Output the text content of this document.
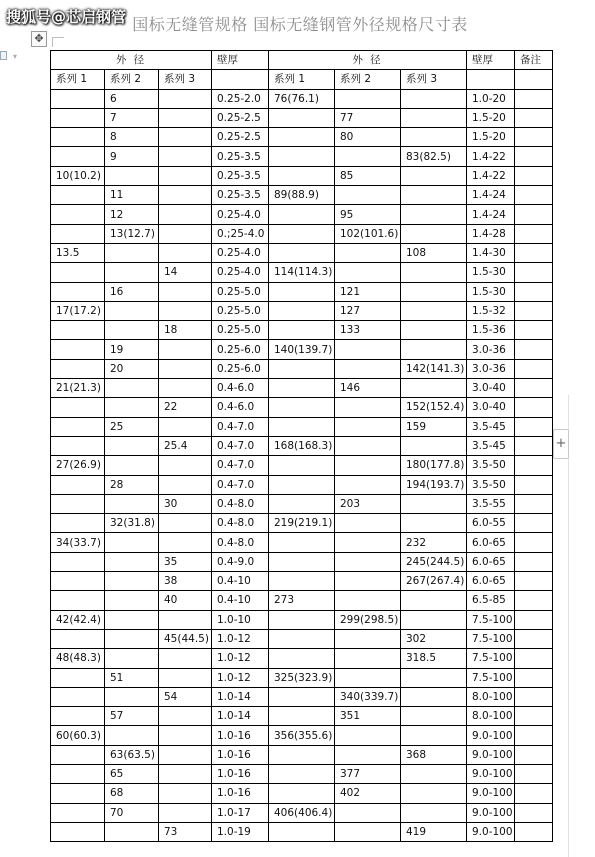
国标无缝管规格 国标无缝钢管外径规格尺寸表
搜狐号@芯启钢管
▾
✥
+
外 径			壁厚	外 径			壁厚	备注
系列 1	系列 2	系列 3		系列 1	系列 2	系列 3		
	6		0.25-2.0	76(76.1)			1.0-20	
	7		0.25-2.5		77		1.5-20	
	8		0.25-2.5		80		1.5-20	
	9		0.25-3.5			83(82.5)	1.4-22	
10(10.2)			0.25-3.5		85		1.4-22	
	11		0.25-3.5	89(88.9)			1.4-24	
	12		0.25-4.0		95		1.4-24	
	13(12.7)		0.;25-4.0		102(101.6)		1.4-28	
13.5			0.25-4.0			108	1.4-30	
		14	0.25-4.0	114(114.3)			1.5-30	
	16		0.25-5.0		121		1.5-30	
17(17.2)			0.25-5.0		127		1.5-32	
		18	0.25-5.0		133		1.5-36	
	19		0.25-6.0	140(139.7)			3.0-36	
	20		0.25-6.0			142(141.3)	3.0-36	
21(21.3)			0.4-6.0		146		3.0-40	
		22	0.4-6.0			152(152.4)	3.0-40	
	25		0.4-7.0			159	3.5-45	
		25.4	0.4-7.0	168(168.3)			3.5-45	
27(26.9)			0.4-7.0			180(177.8)	3.5-50	
	28		0.4-7.0			194(193.7)	3.5-50	
		30	0.4-8.0		203		3.5-55	
	32(31.8)		0.4-8.0	219(219.1)			6.0-55	
34(33.7)			0.4-8.0			232	6.0-65	
		35	0.4-9.0			245(244.5)	6.0-65	
		38	0.4-10			267(267.4)	6.0-65	
		40	0.4-10	273			6.5-85	
42(42.4)			1.0-10		299(298.5)		7.5-100	
		45(44.5)	1.0-12			302	7.5-100	
48(48.3)			1.0-12			318.5	7.5-100	
	51		1.0-12	325(323.9)			7.5-100	
		54	1.0-14		340(339.7)		8.0-100	
	57		1.0-14		351		8.0-100	
60(60.3)			1.0-16	356(355.6)			9.0-100	
	63(63.5)		1.0-16			368	9.0-100	
	65		1.0-16		377		9.0-100	
	68		1.0-16		402		9.0-100	
	70		1.0-17	406(406.4)			9.0-100	
		73	1.0-19			419	9.0-100	
